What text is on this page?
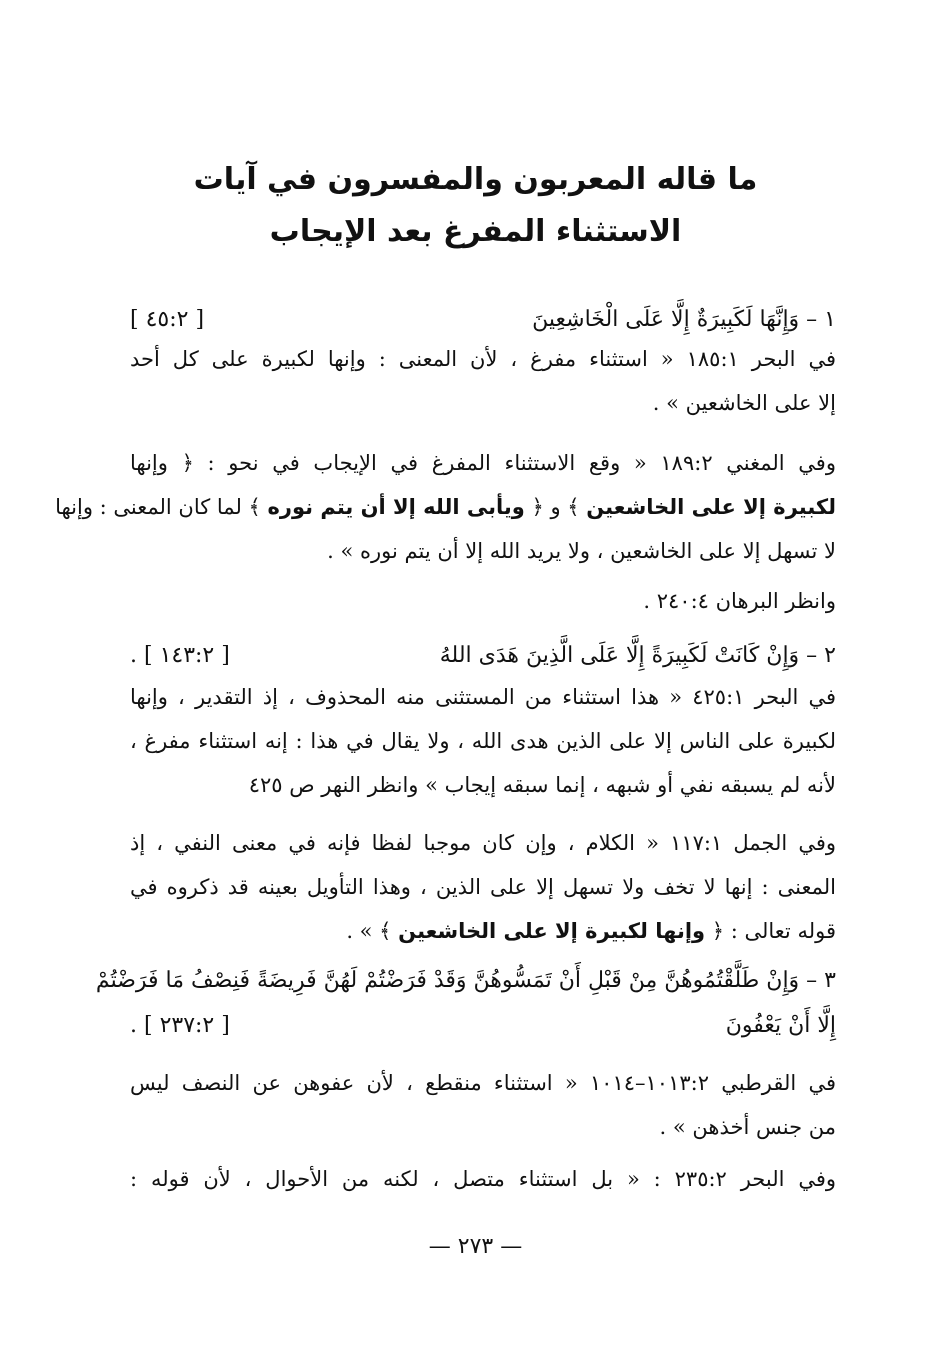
ما قاله المعربون والمفسرون في آيات
الاستثناء المفرغ بعد الإيجاب
١ – وَإِنَّهَا لَكَبِيرَةٌ إِلَّا عَلَى الْخَاشِعِينَ
[ ٤٥:٢ ]
في البحر ١٨٥:١ « استثناء مفرغ ، لأن المعنى : وإنها لكبيرة على كل أحد
إلا على الخاشعين » .
وفي المغني ١٨٩:٢ « وقع الاستثناء المفرغ في الإيجاب في نحو : ﴿ وإنها
لكبيرة إلا على الخاشعين ﴾ و ﴿ ويأبى الله إلا أن يتم نوره ﴾ لما كان المعنى : وإنها
لا تسهل إلا على الخاشعين ، ولا يريد الله إلا أن يتم نوره » .
وانظر البرهان ٢٤٠:٤ .
٢ – وَإِنْ كَانَتْ لَكَبِيرَةً إِلَّا عَلَى الَّذِينَ هَدَى اللهُ
[ ١٤٣:٢ ] .
في البحر ٤٢٥:١ « هذا استثناء من المستثنى منه المحذوف ، إذ التقدير ، وإنها
لكبيرة على الناس إلا على الذين هدى الله ، ولا يقال في هذا : إنه استثناء مفرغ ،
لأنه لم يسبقه نفي أو شبهه ، إنما سبقه إيجاب » وانظر النهر ص ٤٢٥
وفي الجمل ١١٧:١ « الكلام ، وإن كان موجبا لفظا فإنه في معنى النفي ، إذ
المعنى : إنها لا تخف ولا تسهل إلا على الذين ، وهذا التأويل بعينه قد ذكروه في
قوله تعالى : ﴿ وإنها لكبيرة إلا على الخاشعين ﴾ » .
٣ – وَإِنْ طَلَّقْتُمُوهُنَّ مِنْ قَبْلِ أَنْ تَمَسُّوهُنَّ وَقَدْ فَرَضْتُمْ لَهُنَّ فَرِيضَةً فَنِصْفُ مَا فَرَضْتُمْ
إِلَّا أَنْ يَعْفُونَ
[ ٢٣٧:٢ ] .
في القرطبي ١٠١٣:٢–١٠١٤ « استثناء منقطع ، لأن عفوهن عن النصف ليس
من جنس أخذهن » .
وفي البحر ٢٣٥:٢ : « بل استثناء متصل ، لكنه من الأحوال ، لأن قوله :
— ٢٧٣ —
